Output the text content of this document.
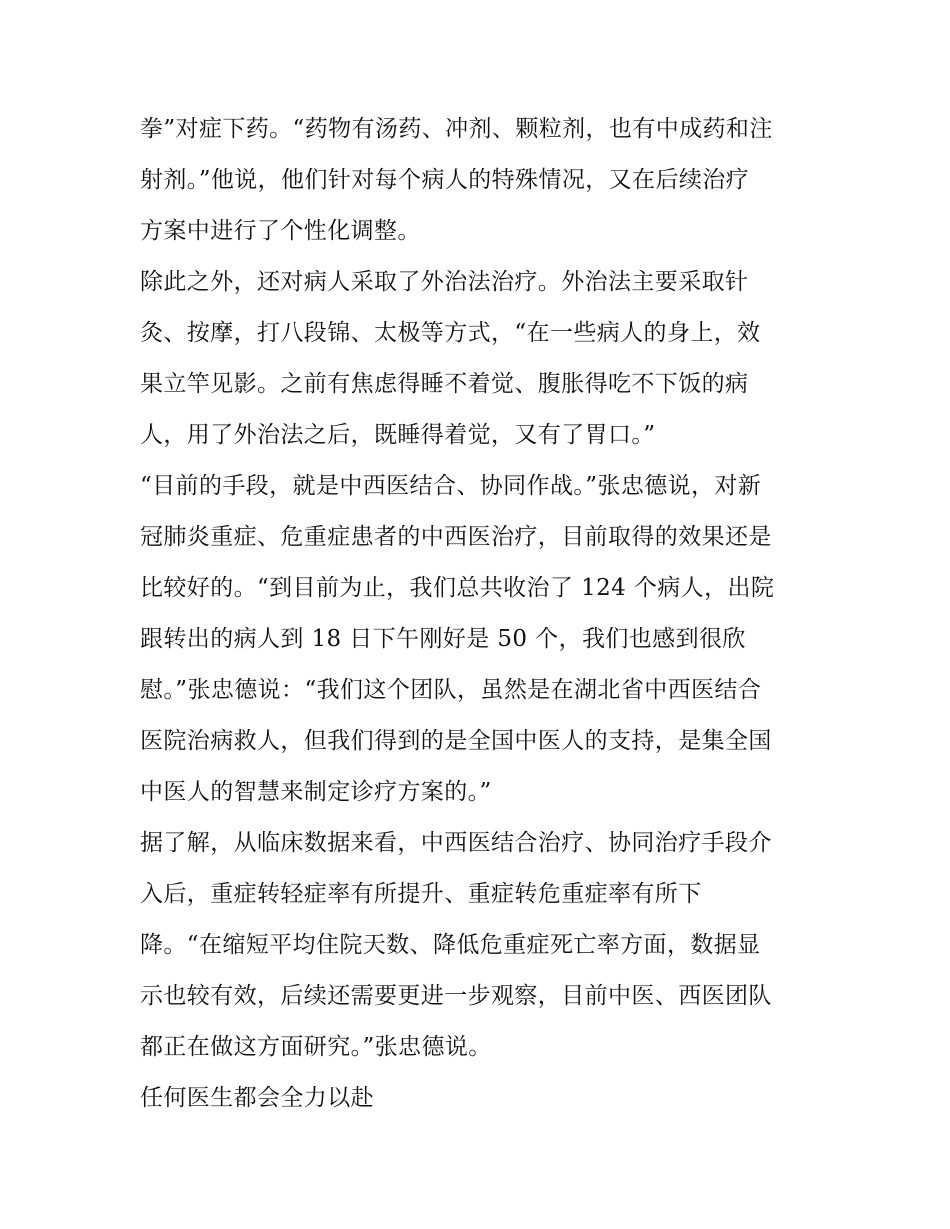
拳”对症下药。“药物有汤药、冲剂、颗粒剂，也有中成药和注
射剂。”他说，他们针对每个病人的特殊情况，又在后续治疗
方案中进行了个性化调整。
除此之外，还对病人采取了外治法治疗。外治法主要采取针
灸、按摩，打八段锦、太极等方式，“在一些病人的身上，效
果立竿见影。之前有焦虑得睡不着觉、腹胀得吃不下饭的病
人，用了外治法之后，既睡得着觉，又有了胃口。”
“目前的手段，就是中西医结合、协同作战。”张忠德说，对新
冠肺炎重症、危重症患者的中西医治疗，目前取得的效果还是
比较好的。“到目前为止，我们总共收治了 124 个病人，出院
跟转出的病人到 18 日下午刚好是 50 个，我们也感到很欣
慰。”张忠德说：“我们这个团队，虽然是在湖北省中西医结合
医院治病救人，但我们得到的是全国中医人的支持，是集全国
中医人的智慧来制定诊疗方案的。”
据了解，从临床数据来看，中西医结合治疗、协同治疗手段介
入后，重症转轻症率有所提升、重症转危重症率有所下
降。“在缩短平均住院天数、降低危重症死亡率方面，数据显
示也较有效，后续还需要更进一步观察，目前中医、西医团队
都正在做这方面研究。”张忠德说。
任何医生都会全力以赴
